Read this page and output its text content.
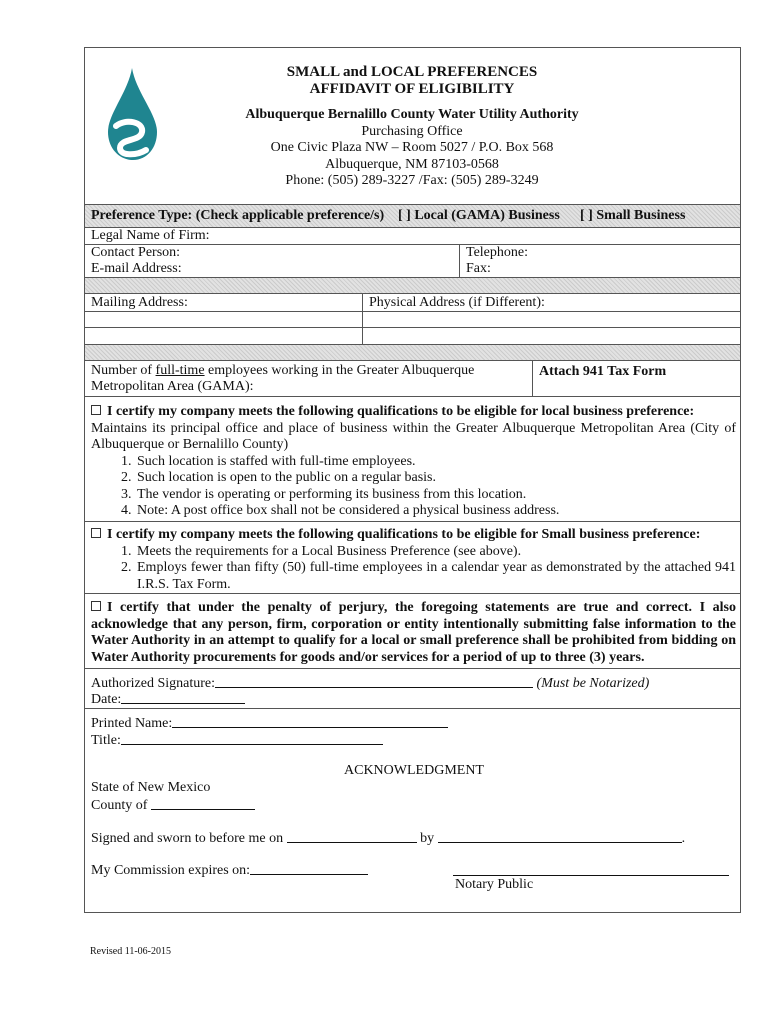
SMALL and LOCAL PREFERENCES
AFFIDAVIT OF ELIGIBILITY
Albuquerque Bernalillo County Water Utility Authority
Purchasing Office
One Civic Plaza NW – Room 5027 / P.O. Box 568
Albuquerque, NM 87103-0568
Phone: (505) 289-3227 /Fax: (505) 289-3249
Preference Type: (Check applicable preference/s) [ ] Local (GAMA) Business [ ] Small Business
Legal Name of Firm:
Contact Person:	Telephone:
E-mail Address:	Fax:
Mailing Address:	Physical Address (if Different):
Number of full-time employees working in the Greater Albuquerque
Metropolitan Area (GAMA):
Attach 941 Tax Form
I certify my company meets the following qualifications to be eligible for local business preference:
Maintains its principal office and place of business within the Greater Albuquerque Metropolitan Area (City of Albuquerque or Bernalillo County)
1. Such location is staffed with full-time employees.
2. Such location is open to the public on a regular basis.
3. The vendor is operating or performing its business from this location.
4. Note: A post office box shall not be considered a physical business address.
I certify my company meets the following qualifications to be eligible for Small business preference:
1. Meets the requirements for a Local Business Preference (see above).
2. Employs fewer than fifty (50) full-time employees in a calendar year as demonstrated by the attached 941 I.R.S. Tax Form.
I certify that under the penalty of perjury, the foregoing statements are true and correct. I also acknowledge that any person, firm, corporation or entity intentionally submitting false information to the Water Authority in an attempt to qualify for a local or small preference shall be prohibited from bidding on Water Authority procurements for goods and/or services for a period of up to three (3) years.
Authorized Signature:	(Must be Notarized)
Date:
Printed Name:
Title:
ACKNOWLEDGMENT
State of New Mexico
County of
Signed and sworn to before me on	by	.
My Commission expires on:
Notary Public
Revised 11-06-2015
